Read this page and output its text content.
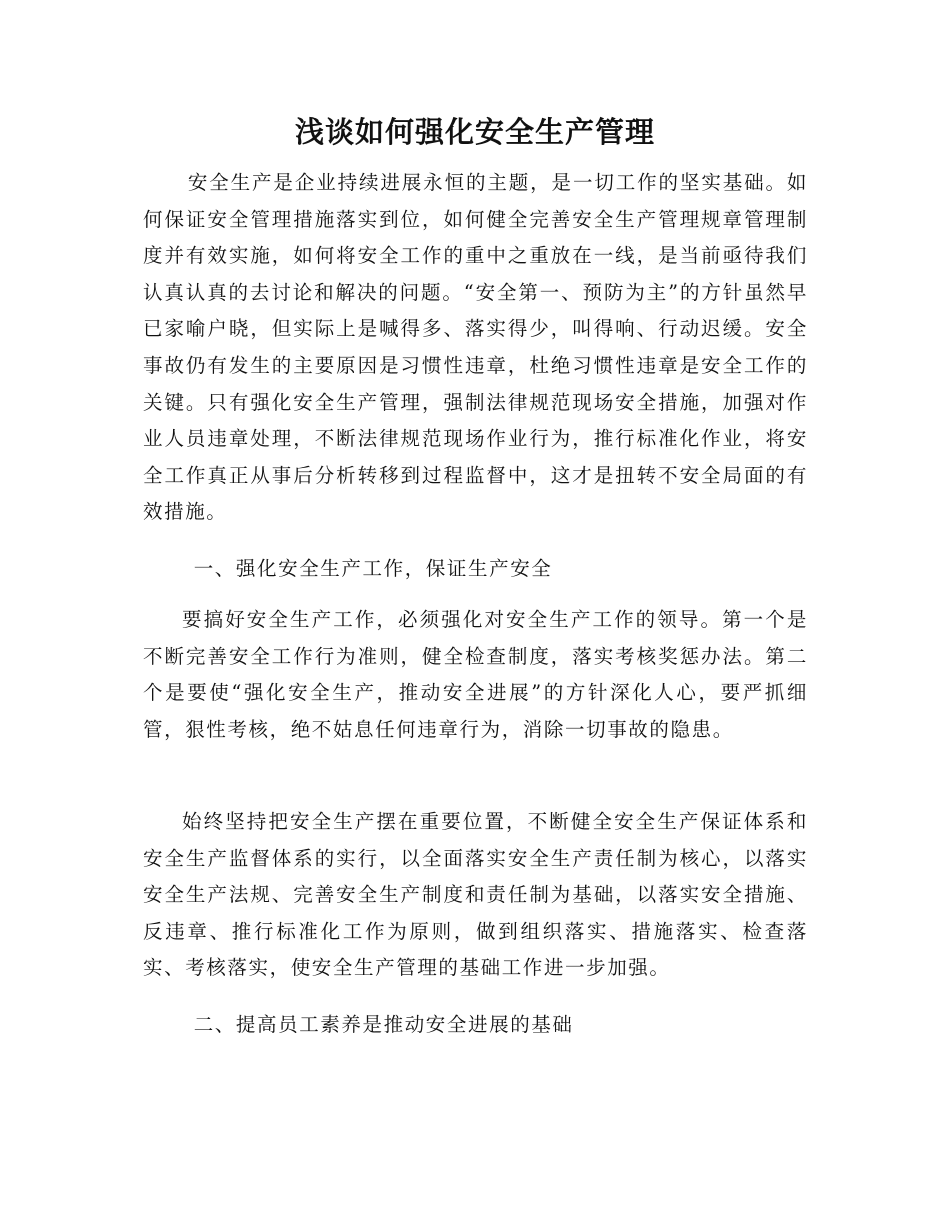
浅谈如何强化安全生产管理

安全生产是企业持续进展永恒的主题，是一切工作的坚实基础。如何保证安全管理措施落实到位，如何健全完善安全生产管理规章管理制度并有效实施，如何将安全工作的重中之重放在一线，是当前亟待我们认真认真的去讨论和解决的问题。“安全第一、预防为主”的方针虽然早已家喻户晓，但实际上是喊得多、落实得少，叫得响、行动迟缓。安全事故仍有发生的主要原因是习惯性违章，杜绝习惯性违章是安全工作的关键。只有强化安全生产管理，强制法律规范现场安全措施，加强对作业人员违章处理，不断法律规范现场作业行为，推行标准化作业，将安全工作真正从事后分析转移到过程监督中，这才是扭转不安全局面的有效措施。

一、强化安全生产工作，保证生产安全

要搞好安全生产工作，必须强化对安全生产工作的领导。第一个是不断完善安全工作行为准则，健全检查制度，落实考核奖惩办法。第二个是要使“强化安全生产，推动安全进展”的方针深化人心，要严抓细管，狠性考核，绝不姑息任何违章行为，消除一切事故的隐患。

始终坚持把安全生产摆在重要位置，不断健全安全生产保证体系和安全生产监督体系的实行，以全面落实安全生产责任制为核心，以落实安全生产法规、完善安全生产制度和责任制为基础，以落实安全措施、反违章、推行标准化工作为原则，做到组织落实、措施落实、检查落实、考核落实，使安全生产管理的基础工作进一步加强。

二、提高员工素养是推动安全进展的基础
